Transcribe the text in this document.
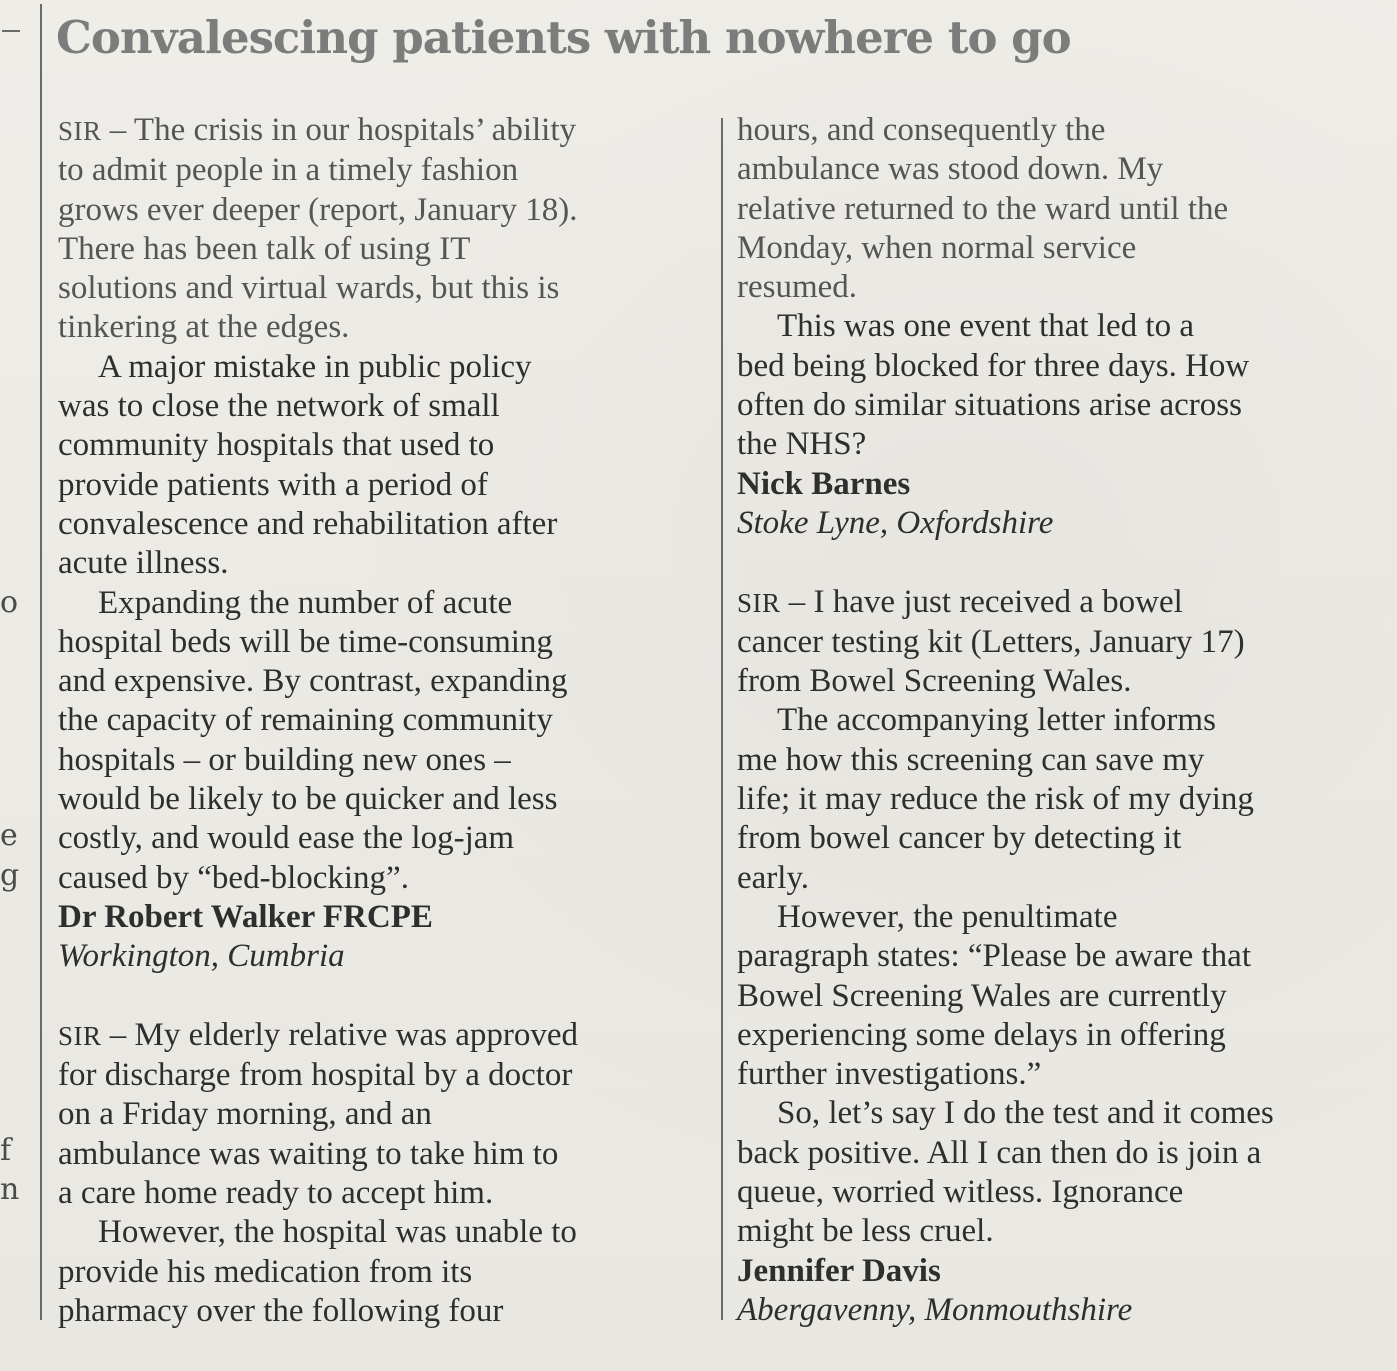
o
e
g
f
n
Convalescing patients with nowhere to go

SIR – The crisis in our hospitals’ ability

to admit people in a timely fashion

grows ever deeper (report, January 18).

There has been talk of using IT

solutions and virtual wards, but this is

tinkering at the edges.

A major mistake in public policy

was to close the network of small

community hospitals that used to

provide patients with a period of

convalescence and rehabilitation after

acute illness.

Expanding the number of acute

hospital beds will be time-consuming

and expensive. By contrast, expanding

the capacity of remaining community

hospitals – or building new ones –

would be likely to be quicker and less

costly, and would ease the log-jam

caused by “bed-blocking”.

Dr Robert Walker FRCPE

Workington, Cumbria

SIR – My elderly relative was approved

for discharge from hospital by a doctor

on a Friday morning, and an

ambulance was waiting to take him to

a care home ready to accept him.

However, the hospital was unable to

provide his medication from its

pharmacy over the following four

hours, and consequently the

ambulance was stood down. My

relative returned to the ward until the

Monday, when normal service

resumed.

This was one event that led to a

bed being blocked for three days. How

often do similar situations arise across

the NHS?

Nick Barnes

Stoke Lyne, Oxfordshire

SIR – I have just received a bowel

cancer testing kit (Letters, January 17)

from Bowel Screening Wales.

The accompanying letter informs

me how this screening can save my

life; it may reduce the risk of my dying

from bowel cancer by detecting it

early.

However, the penultimate

paragraph states: “Please be aware that

Bowel Screening Wales are currently

experiencing some delays in offering

further investigations.”

So, let’s say I do the test and it comes

back positive. All I can then do is join a

queue, worried witless. Ignorance

might be less cruel.

Jennifer Davis

Abergavenny, Monmouthshire
